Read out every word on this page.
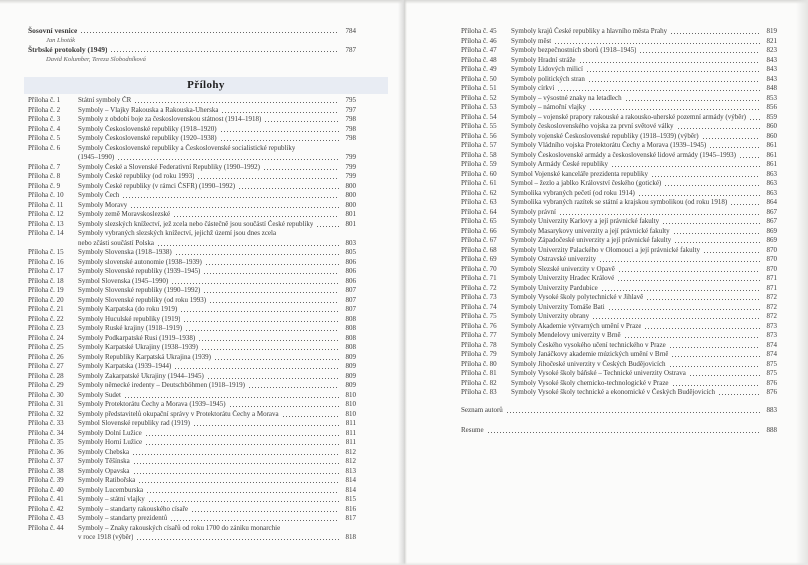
Šosovní vesnice	784
Jan Lhoták
Štrbské protokoly (1949)	787
David Kolumber, Tereza Slobodníková
Přílohy
Příloha č. 1	Státní symboly ČR	795
Příloha č. 2	Symboly – Vlajky Rakouska a Rakouska-Uherska	797
Příloha č. 3	Symboly z období boje za československou státnost (1914–1918)	798
Příloha č. 4	Symboly Československé republiky (1918–1920)	798
Příloha č. 5	Symboly Československé republiky (1920–1938)	798
Příloha č. 6	Symboly Československé republiky a Československé socialistické republiky
(1945–1990)	799
Příloha č. 7	Symboly České a Slovenské Federativní Republiky (1990–1992)	799
Příloha č. 8	Symboly České republiky (od roku 1993)	799
Příloha č. 9	Symboly České republiky (v rámci ČSFR) (1990–1992)	800
Příloha č. 10	Symboly Čech	800
Příloha č. 11	Symboly Moravy	800
Příloha č. 12	Symboly země Moravskoslezské	801
Příloha č. 13	Symboly slezských knížectví, jež zcela nebo částečně jsou součástí České republiky	801
Příloha č. 14	Symboly vybraných slezských knížectví, jejichž území jsou dnes zcela
nebo zčásti součástí Polska	803
Příloha č. 15	Symboly Slovenska (1918–1938)	805
Příloha č. 16	Symboly slovenské autonomie (1938–1939)	806
Příloha č. 17	Symboly Slovenské republiky (1939–1945)	806
Příloha č. 18	Symbol Slovenska (1945–1990)	806
Příloha č. 19	Symboly Slovenské republiky (1990–1992)	807
Příloha č. 20	Symboly Slovenské republiky (od roku 1993)	807
Příloha č. 21	Symboly Karpatska (do roku 1919)	807
Příloha č. 22	Symboly Huculské republiky (1919)	808
Příloha č. 23	Symboly Ruské krajiny (1918–1919)	808
Příloha č. 24	Symboly Podkarpatské Rusi (1919–1938)	808
Příloha č. 25	Symboly Karpatské Ukrajiny (1938–1939)	808
Příloha č. 26	Symboly Republiky Karpatská Ukrajina (1939)	809
Příloha č. 27	Symboly Karpatska (1939–1944)	809
Příloha č. 28	Symboly Zakarpatské Ukrajiny (1944–1945)	809
Příloha č. 29	Symboly německé iredenty – Deutschböhmen (1918–1919)	809
Příloha č. 30	Symboly Sudet	810
Příloha č. 31	Symboly Protektorátu Čechy a Morava (1939–1945)	810
Příloha č. 32	Symboly představitelů okupační správy v Protektorátu Čechy a Morava	810
Příloha č. 33	Symbol Slovenské republiky rad (1919)	811
Příloha č. 34	Symboly Dolní Lužice	811
Příloha č. 35	Symboly Horní Lužice	811
Příloha č. 36	Symboly Chebska	812
Příloha č. 37	Symboly Těšínska	812
Příloha č. 38	Symboly Opavska	813
Příloha č. 39	Symboly Ratibořska	814
Příloha č. 40	Symboly Lucemburska	814
Příloha č. 41	Symboly – státní vlajky	815
Příloha č. 42	Symboly – standarty rakouského císaře	816
Příloha č. 43	Symboly – standarty prezidentů	817
Příloha č. 44	Symboly – Znaky rakouských císařů od roku 1700 do zániku monarchie
v roce 1918 (výběr)	818
Příloha č. 45	Symboly krajů České republiky a hlavního města Prahy	819
Příloha č. 46	Symboly měst	821
Příloha č. 47	Symboly bezpečnostních sborů (1918–1945)	823
Příloha č. 48	Symboly Hradní stráže	843
Příloha č. 49	Symboly Lidových milicí	843
Příloha č. 50	Symboly politických stran	843
Příloha č. 51	Symboly církví	848
Příloha č. 52	Symboly – výsostné znaky na letadlech	853
Příloha č. 53	Symboly – námořní vlajky	856
Příloha č. 54	Symboly – vojenské prapory rakouské a rakousko-uherské pozemní armády (výběr)	859
Příloha č. 55	Symboly československého vojska za první světové války	860
Příloha č. 56	Symboly vojenské Československé republiky (1918–1939) (výběr)	860
Příloha č. 57	Symboly Vládního vojska Protektorátu Čechy a Morava (1939–1945)	861
Příloha č. 58	Symboly Československé armády a československé lidové armády (1945–1993)	861
Příloha č. 59	Symboly Armády České republiky	861
Příloha č. 60	Symbol Vojenské kanceláře prezidenta republiky	863
Příloha č. 61	Symbol – žezlo a jablko Království českého (gotické)	863
Příloha č. 62	Symbolika vybraných pečetí (od roku 1914)	863
Příloha č. 63	Symbolika vybraných razítek se státní a krajskou symbolikou (od roku 1918)	864
Příloha č. 64	Symboly právní	867
Příloha č. 65	Symboly Univerzity Karlovy a její právnické fakulty	867
Příloha č. 66	Symboly Masarykovy univerzity a její právnické fakulty	869
Příloha č. 67	Symboly Západočeské univerzity a její právnické fakulty	869
Příloha č. 68	Symboly Univerzity Palackého v Olomouci a její právnické fakulty	870
Příloha č. 69	Symboly Ostravské univerzity	870
Příloha č. 70	Symboly Slezské univerzity v Opavě	870
Příloha č. 71	Symboly Univerzity Hradec Králové	871
Příloha č. 72	Symboly Univerzity Pardubice	871
Příloha č. 73	Symboly Vysoké školy polytechnické v Jihlavě	872
Příloha č. 74	Symboly Univerzity Tomáše Bati	872
Příloha č. 75	Symboly Univerzity obrany	872
Příloha č. 76	Symboly Akademie výtvarných umění v Praze	873
Příloha č. 77	Symboly Mendelovy univerzity v Brně	873
Příloha č. 78	Symboly Českého vysokého učení technického v Praze	874
Příloha č. 79	Symboly Janáčkovy akademie múzických umění v Brně	874
Příloha č. 80	Symboly Jihočeské univerzity v Českých Budějovicích	875
Příloha č. 81	Symboly Vysoké školy báňské – Technické univerzity Ostrava	875
Příloha č. 82	Symboly Vysoké školy chemicko-technologické v Praze	876
Příloha č. 83	Symboly Vysoké školy technické a ekonomické v Českých Budějovicích	876
Seznam autorů	883
Resume	888
